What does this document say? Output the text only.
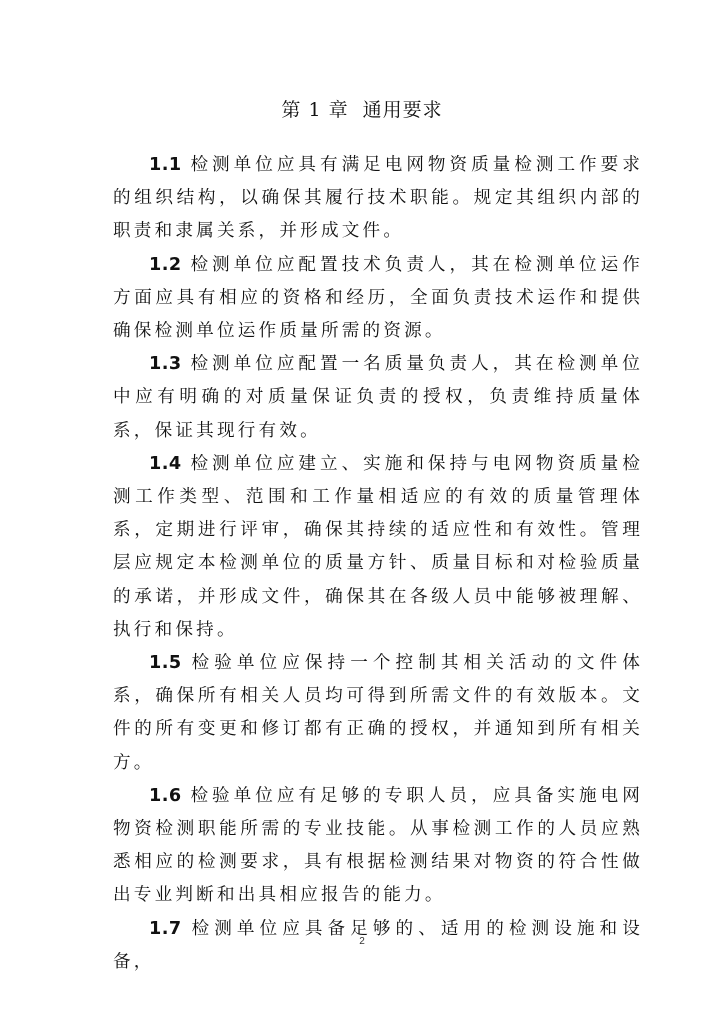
第 1 章 通用要求

1.1 检测单位应具有满足电网物资质量检测工作要求的组织结构，以确保其履行技术职能。规定其组织内部的职责和隶属关系，并形成文件。

1.2 检测单位应配置技术负责人，其在检测单位运作方面应具有相应的资格和经历，全面负责技术运作和提供确保检测单位运作质量所需的资源。

1.3 检测单位应配置一名质量负责人，其在检测单位中应有明确的对质量保证负责的授权，负责维持质量体系，保证其现行有效。

1.4 检测单位应建立、实施和保持与电网物资质量检测工作类型、范围和工作量相适应的有效的质量管理体系，定期进行评审，确保其持续的适应性和有效性。管理层应规定本检测单位的质量方针、质量目标和对检验质量的承诺，并形成文件，确保其在各级人员中能够被理解、执行和保持。

1.5 检验单位应保持一个控制其相关活动的文件体系，确保所有相关人员均可得到所需文件的有效版本。文件的所有变更和修订都有正确的授权，并通知到所有相关方。

1.6 检验单位应有足够的专职人员，应具备实施电网物资检测职能所需的专业技能。从事检测工作的人员应熟悉相应的检测要求，具有根据检测结果对物资的符合性做出专业判断和出具相应报告的能力。

1.7 检测单位应具备足够的、适用的检测设施和设备，

2
